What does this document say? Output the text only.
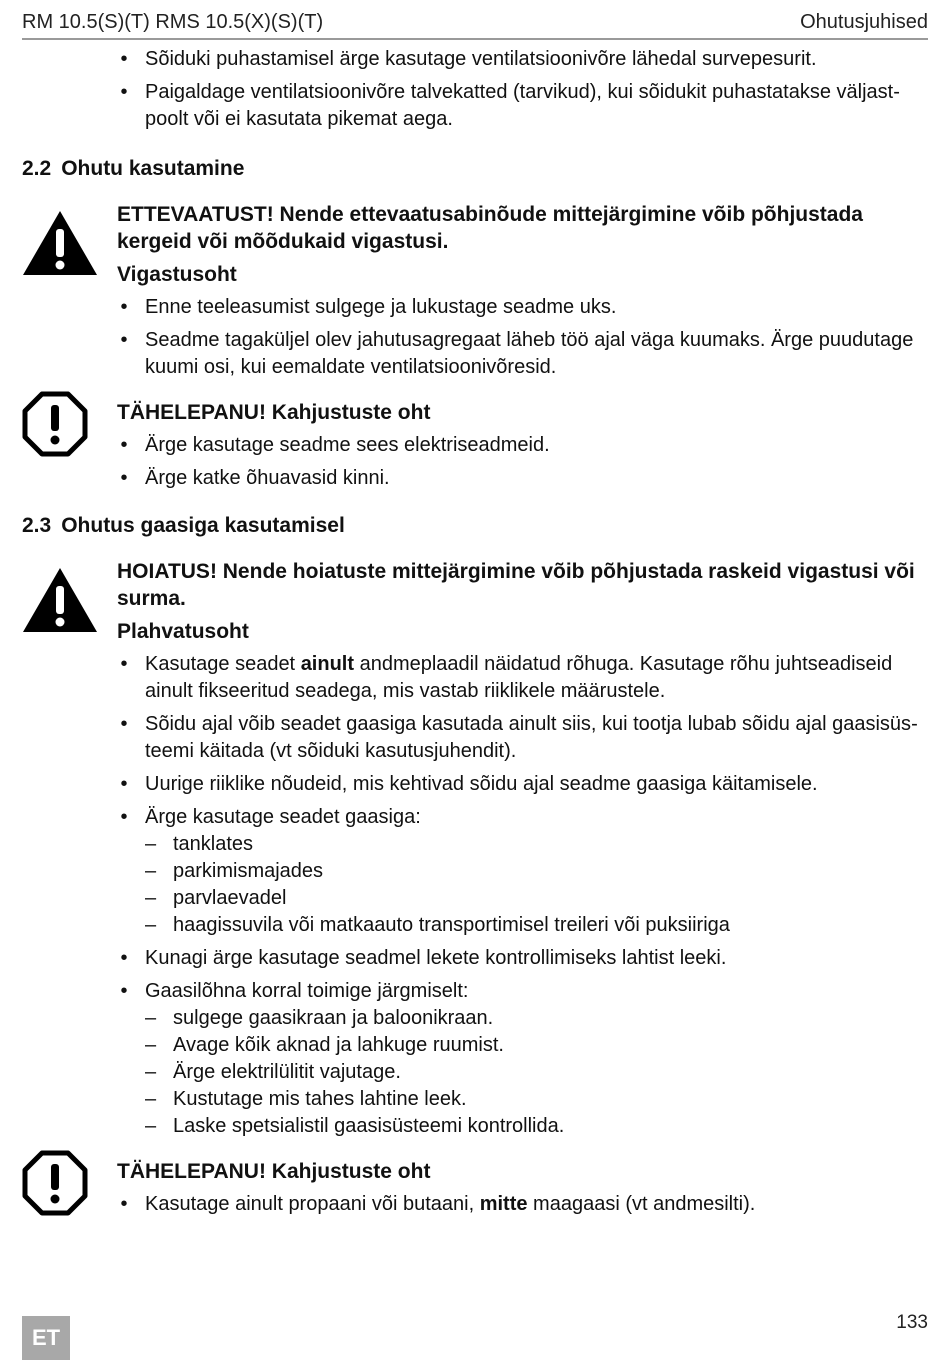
RM 10.5(S)(T) RMS 10.5(X)(S)(T)	Ohutusjuhised
• Sõiduki puhastamisel ärge kasutage ventilatsioonivõre lähedal survepesurit.
• Paigaldage ventilatsioonivõre talvekatted (tarvikud), kui sõidukit puhastatakse väljastpoolt või ei kasutata pikemat aega.
2.2 Ohutu kasutamine
ETTEVAATUST! Nende ettevaatusabinõude mittejärgimine võib põhjustada kergeid või mõõdukaid vigastusi.
Vigastusoht
• Enne teeleasumist sulgege ja lukustage seadme uks.
• Seadme tagaküljel olev jahutusagregaat läheb töö ajal väga kuumaks. Ärge puudutage kuumi osi, kui eemaldate ventilatsioonivõresid.
TÄHELEPANU! Kahjustuste oht
• Ärge kasutage seadme sees elektriseadmeid.
• Ärge katke õhuavasid kinni.
2.3 Ohutus gaasiga kasutamisel
HOIATUS! Nende hoiatuste mittejärgimine võib põhjustada raskeid vigastusi või surma.
Plahvatusoht
• Kasutage seadet ainult andmeplaadil näidatud rõhuga. Kasutage rõhu juhtseadiseid ainult fikseeritud seadega, mis vastab riiklikele määrustele.
• Sõidu ajal võib seadet gaasiga kasutada ainult siis, kui tootja lubab sõidu ajal gaasisüsteemi käitada (vt sõiduki kasutusjuhendit).
• Uurige riiklike nõudeid, mis kehtivad sõidu ajal seadme gaasiga käitamisele.
• Ärge kasutage seadet gaasiga:
– tanklates
– parkimismajades
– parvlaevadel
– haagissuvila või matkaauto transportimisel treileri või puksiiriga
• Kunagi ärge kasutage seadmel lekete kontrollimiseks lahtist leeki.
• Gaasilõhna korral toimige järgmiselt:
– sulgege gaasikraan ja baloonikraan.
– Avage kõik aknad ja lahkuge ruumist.
– Ärge elektrilülitit vajutage.
– Kustutage mis tahes lahtine leek.
– Laske spetsialistil gaasisüsteemi kontrollida.
TÄHELEPANU! Kahjustuste oht
• Kasutage ainult propaani või butaani, mitte maagaasi (vt andmesilti).
ET
133
